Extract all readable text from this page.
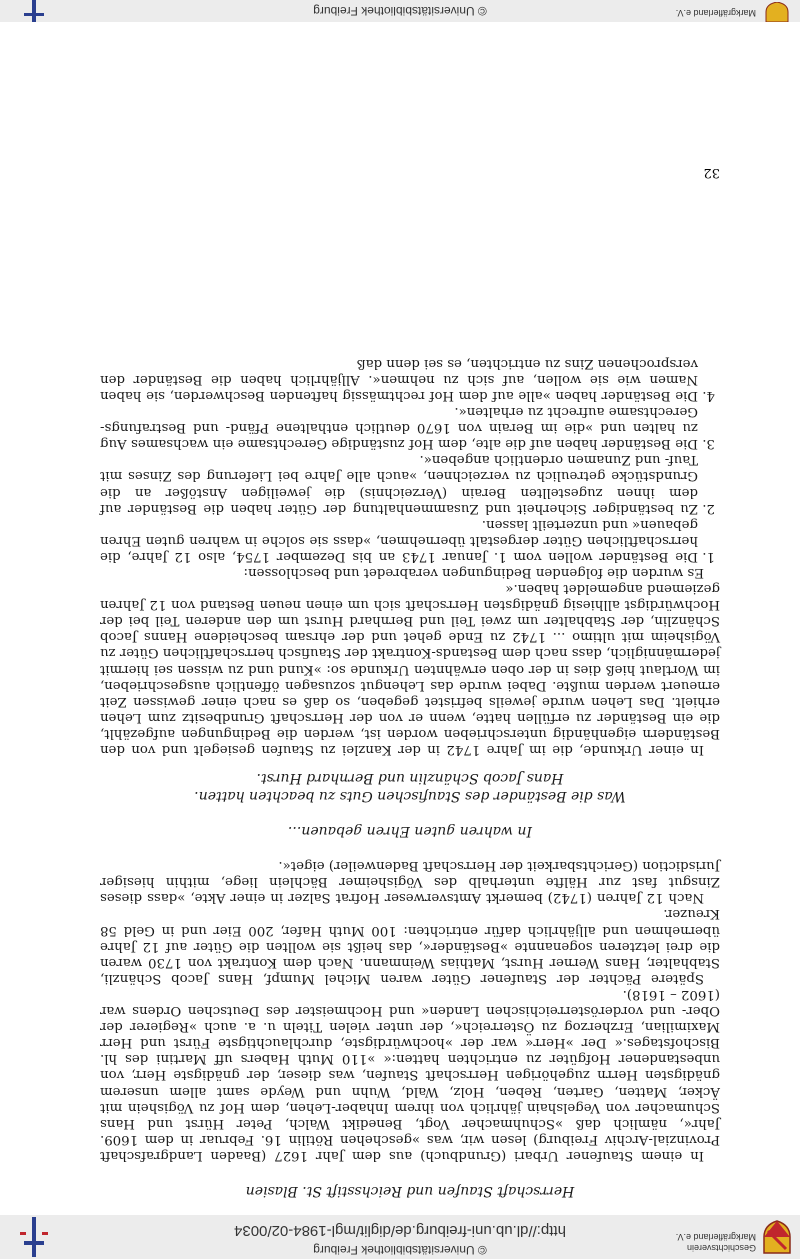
Geschichtsverein
Markgräflerland e.V.
© Universitätsbibliothek Freiburg
http://dl.ub.uni-freiburg.de/diglit/mgl-1984-02/0034
Herrschaft Staufen und Reichsstift St. Blasien

In einem Staufener Urbari (Grundbuch) aus dem Jahr 1627 (Baaden Landgrafschaft Provinzial-Archiv Freiburg) lesen wir, was »geschehen Rötilin 16. Februar in dem 1609. Jahr«, nämlich daß »Schuhmacher Vogt, Benedikt Walch, Peter Hürst und Hans Schumacher von Vegelshain jährlich von ihrem Inhaber-Lehen, dem Hof zu Vögishein mit Äcker, Matten, Garten, Reben, Holz, Wald, Wuhn und Weyde samt allem unserem gnädigsten Herrn zugehörigen Herrschaft Staufen, was dieser, der gnädigste Herr, von unbestandener Hofgüter zu entrichten hatten:« »110 Muth Habers uff Martini des hl. Bischofstages.« Der »Herr« war der »hochwürdigste, durchlauchtigste Fürst und Herr Maximilian, Erzherzog zu Österreich«, der unter vielen Titeln u. a. auch »Regierer der Ober- und vorderösterreichischen Landen« und Hochmeister des Deutschen Ordens war (1602 – 1618).

Spätere Pächter der Staufener Güter waren Michel Mumpf, Hans Jacob Schänzli, Stabhalter, Hans Werner Hurst, Mathias Weinmann. Nach dem Kontrakt von 1730 waren die drei letzteren sogenannte »Beständer«, das heißt sie wollten die Güter auf 12 Jahre übernehmen und alljährlich dafür entrichten: 100 Muth Hafer, 200 Eier und in Geld 58 Kreuzer.

Nach 12 Jahren (1742) bemerkt Amtsverweser Hofrat Salzer in einer Akte, »dass dieses Zinsgut fast zur Hälfte unterhalb des Vögisheimer Bächlein liege, mithin hiesiger Jurisdiction (Gerichtsbarkeit der Herrschaft Badenweiler) eiget«.

In wahren guten Ehren gebauen...
Was die Beständer des Staufischen Guts zu beachten hatten.
Hans Jacob Schänzlin und Bernhard Hurst.

In einer Urkunde, die im Jahre 1742 in der Kanzlei zu Staufen gesiegelt und von den Beständern eigenhändig unterschrieben worden ist, werden die Bedingungen aufgezählt, die ein Beständer zu erfüllen hatte, wenn er von der Herrschaft Grundbesitz zum Lehen erhielt. Das Lehen wurde jeweils befristet gegeben, so daß es nach einer gewissen Zeit erneuert werden mußte. Dabei wurde das Lehengut sozusagen öffentlich ausgeschrieben, im Wortlaut hieß dies in der oben erwähnten Urkunde so: »Kund und zu wissen sei hiermit jedermänniglich, dass nach dem Bestands-Kontrakt der Staufisch herrschaftlichen Güter zu Vögisheim mit ultimo ... 1742 zu Ende gehet und der ehrsam bescheidene Hanns Jacob Schänzlin, der Stabhalter um zwei Teil und Bernhard Hurst um den anderen Teil bei der Hochwürdigst allhiesig gnädigsten Herrschaft sich um einen neuen Bestand von 12 Jahren geziemend angemeldet haben.«

Es wurden die folgenden Bedingungen verabredet und beschlossen:

1. Die Beständer wollen vom 1. Januar 1743 an bis Dezember 1754, also 12 Jahre, die herrschaftlichen Güter dergestalt übernehmen, »dass sie solche in wahren guten Ehren gebauen« und unzerteilt lassen.
2. Zu beständiger Sicherheit und Zusammenhaltung der Güter haben die Beständer auf dem ihnen zugestellten Berain (Verzeichnis) die jeweiligen Anstößer an die Grundstücke getreulich zu verzeichnen, »auch alle Jahre bei Lieferung des Zinses mit Tauf- und Zunamen ordentlich angeben«.
3. Die Beständer haben auf die alte, dem Hof zuständige Gerechtsame ein wachsames Aug zu halten und »die im Berain von 1670 deutlich enthaltene Pfänd- und Bestrafungs-Gerechtsame aufrecht zu erhalten«.
4. Die Beständer haben »alle auf dem Hof rechtmässig haftenden Beschwerden, sie haben Namen wie sie wollen, auf sich zu nehmen«. Alljährlich haben die Beständer den versprochenen Zins zu entrichten, es sei denn daß
32
Markgräflerland e.V.
© Universitätsbibliothek Freiburg
